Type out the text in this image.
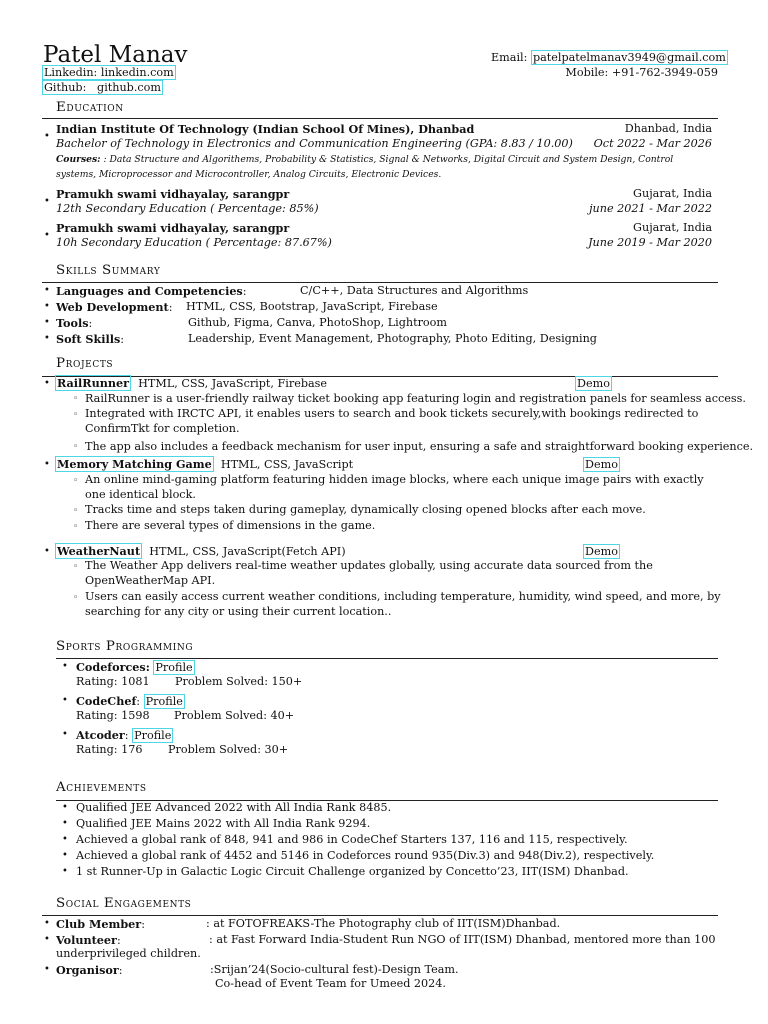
Patel Manav
Linkedin: linkedin.com
Github: github.com
Email: patelpatelmanav3949@gmail.com
Mobile: +91-762-3949-059
Education
•
Indian Institute Of Technology (Indian School Of Mines), Dhanbad	Dhanbad, India
Bachelor of Technology in Electronics and Communication Engineering (GPA: 8.83 / 10.00) Oct 2022 - Mar 2026
Courses: : Data Structure and Algorithems, Probability & Statistics, Signal & Networks, Digital Circuit and System Design, Control
systems, Microprocessor and Microcontroller, Analog Circuits, Electronic Devices.
•
Pramukh swami vidhayalay, sarangpr	Gujarat, India
12th Secondary Education ( Percentage: 85%)	june 2021 - Mar 2022
•
Pramukh swami vidhayalay, sarangpr	Gujarat, India
10h Secondary Education ( Percentage: 87.67%)	June 2019 - Mar 2020
Skills Summary
• Languages and Competencies:	C/C++, Data Structures and Algorithms
• Web Development: HTML, CSS, Bootstrap, JavaScript, Firebase
• Tools:	Github, Figma, Canva, PhotoShop, Lightroom
• Soft Skills:	Leadership, Event Management, Photography, Photo Editing, Designing
Projects
• RailRunner HTML, CSS, JavaScript, Firebase	Demo
◦ RailRunner is a user-friendly railway ticket booking app featuring login and registration panels for seamless access.
◦ Integrated with IRCTC API, it enables users to search and book tickets securely,with bookings redirected to ConfirmTkt for completion.
◦ The app also includes a feedback mechanism for user input, ensuring a safe and straightforward booking experience.
• Memory Matching Game HTML, CSS, JavaScript	Demo
◦ An online mind-gaming platform featuring hidden image blocks, where each unique image pairs with exactly one identical block.
◦ Tracks time and steps taken during gameplay, dynamically closing opened blocks after each move.
◦ There are several types of dimensions in the game.
• WeatherNaut HTML, CSS, JavaScript(Fetch API)	Demo
◦ The Weather App delivers real-time weather updates globally, using accurate data sourced from the OpenWeatherMap API.
◦ Users can easily access current weather conditions, including temperature, humidity, wind speed, and more, by searching for any city or using their current location..
Sports Programming
• Codeforces: Profile
Rating: 1081 Problem Solved: 150+
• CodeChef: Profile
Rating: 1598 Problem Solved: 40+
• Atcoder: Profile
Rating: 176 Problem Solved: 30+
Achievements
• Qualified JEE Advanced 2022 with All India Rank 8485.
• Qualified JEE Mains 2022 with All India Rank 9294.
• Achieved a global rank of 848, 941 and 986 in CodeChef Starters 137, 116 and 115, respectively.
• Achieved a global rank of 4452 and 5146 in Codeforces round 935(Div.3) and 948(Div.2), respectively.
• 1 st Runner-Up in Galactic Logic Circuit Challenge organized by Concetto’23, IIT(ISM) Dhanbad.
Social Engagements
• Club Member:	: at FOTOFREAKS-The Photography club of IIT(ISM)Dhanbad.
• Volunteer:	: at Fast Forward India-Student Run NGO of IIT(ISM) Dhanbad, mentored more than 100
underprivileged children.
• Organisor:	:Srijan’24(Socio-cultural fest)-Design Team.
Co-head of Event Team for Umeed 2024.
